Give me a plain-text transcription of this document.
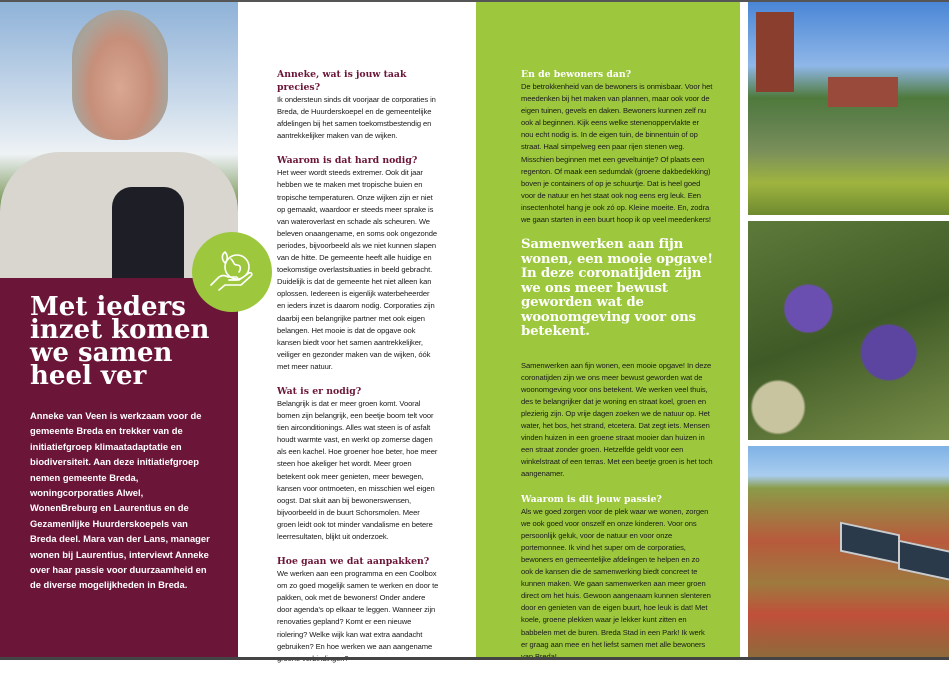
Met ieders inzet komen we samen heel ver

Anneke van Veen is werkzaam voor de gemeente Breda en trekker van de initiatiefgroep klimaatadaptatie en biodiversiteit. Aan deze initiatiefgroep nemen gemeente Breda, woningcorporaties Alwel, WonenBreburg en Laurentius en de Gezamenlijke Huurderskoepels van Breda deel. Mara van der Lans, manager wonen bij Laurentius, interviewt Anneke over haar passie voor duurzaamheid en de diverse mogelijkheden in Breda.

Anneke, wat is jouw taak precies?

Ik ondersteun sinds dit voorjaar de corporaties in Breda, de Huurderskoepel en de gemeentelijke afdelingen bij het samen toekomstbestendig en aantrekkelijker maken van de wijken.

Waarom is dat hard nodig?

Het weer wordt steeds extremer. Ook dit jaar hebben we te maken met tropische buien en tropische temperaturen. Onze wijken zijn er niet op gemaakt, waardoor er steeds meer sprake is van wateroverlast en schade als scheuren. We beleven onaangename, en soms ook ongezonde periodes, bijvoorbeeld als we niet kunnen slapen van de hitte. De gemeente heeft alle huidige en toekomstige overlastsituaties in beeld gebracht. Duidelijk is dat de gemeente het niet alleen kan oplossen. Iedereen is eigenlijk waterbeheerder en ieders inzet is daarom nodig. Corporaties zijn daarbij een belangrijke partner met ook eigen belangen. Het mooie is dat de opgave ook kansen biedt voor het samen aantrekkelijker, veiliger en gezonder maken van de wijken, óók met meer natuur.

Wat is er nodig?

Belangrijk is dat er meer groen komt. Vooral bomen zijn belangrijk, een beetje boom telt voor tien airconditionings. Alles wat steen is of asfalt houdt warmte vast, en werkt op zomerse dagen als een kachel. Hoe groener hoe beter, hoe meer steen hoe akeliger het wordt. Meer groen betekent ook meer genieten, meer bewegen, kansen voor ontmoeten, en misschien wel eigen oogst. Dat sluit aan bij bewonerswensen, bijvoorbeeld in de buurt Schorsmolen. Meer groen leidt ook tot minder vandalisme en betere leerresultaten, blijkt uit onderzoek.

Hoe gaan we dat aanpakken?

We werken aan een programma en een Coolbox om zo goed mogelijk samen te werken en door te pakken, ook met de bewoners! Onder andere door agenda's op elkaar te leggen. Wanneer zijn renovaties gepland? Komt er een nieuwe riolering? Welke wijk kan wat extra aandacht gebruiken? En hoe werken we aan aangename

En de bewoners dan?

De betrokkenheid van de bewoners is onmisbaar. Voor het meedenken bij het maken van plannen, maar ook voor de eigen tuinen, gevels en daken. Bewoners kunnen zelf nu ook al beginnen. Kijk eens welke stenenoppervlakte er nou echt nodig is. In de eigen tuin, de binnentuin of op straat. Haal simpelweg een paar rijen stenen weg. Misschien beginnen met een geveltuintje? Of plaats een regenton. Of maak een sedumdak (groene dakbedekking) boven je containers of op je schuurtje. Dat is heel goed voor de natuur en het staat ook nog eens erg leuk. Een insectenhotel hang je ook zó op. Kleine moeite. En, zodra we gaan starten in een buurt hoop ik op veel meedenkers!

Samenwerken aan fijn wonen, een mooie opgave! In deze coronatijden zijn we ons meer bewust geworden wat de woonomgeving voor ons betekent.

Samenwerken aan fijn wonen, een mooie opgave! In deze coronatijden zijn we ons meer bewust geworden wat de woonomgeving voor ons betekent. We werken veel thuis, des te belangrijker dat je woning en straat koel, groen en plezierig zijn. Op vrije dagen zoeken we de natuur op. Het water, het bos, het strand, etcetera. Dat zegt iets. Mensen vinden huizen in een groene straat mooier dan huizen in een straat zonder groen. Hetzelfde geldt voor een winkelstraat of een terras. Met een beetje groen is het toch aangenamer.

Waarom is dit jouw passie?

Als we goed zorgen voor de plek waar we wonen, zorgen we ook goed voor onszelf en onze kinderen. Voor ons persoonlijk geluk, voor de natuur en voor onze portemonnee. Ik vind het super om de corporaties, bewoners en gemeentelijke afdelingen te helpen en zo ook de kansen die de samenwerking biedt concreet te kunnen maken. We gaan samenwerken aan meer groen direct om het huis. Gewoon aangenaam kunnen slenteren door en genieten van de eigen buurt, hoe leuk is dat! Met koele, groene plekken waar je lekker kunt zitten en babbelen met de buren. Breda Stad in een Park! Ik werk er graag aan mee en het liefst samen met alle bewoners
